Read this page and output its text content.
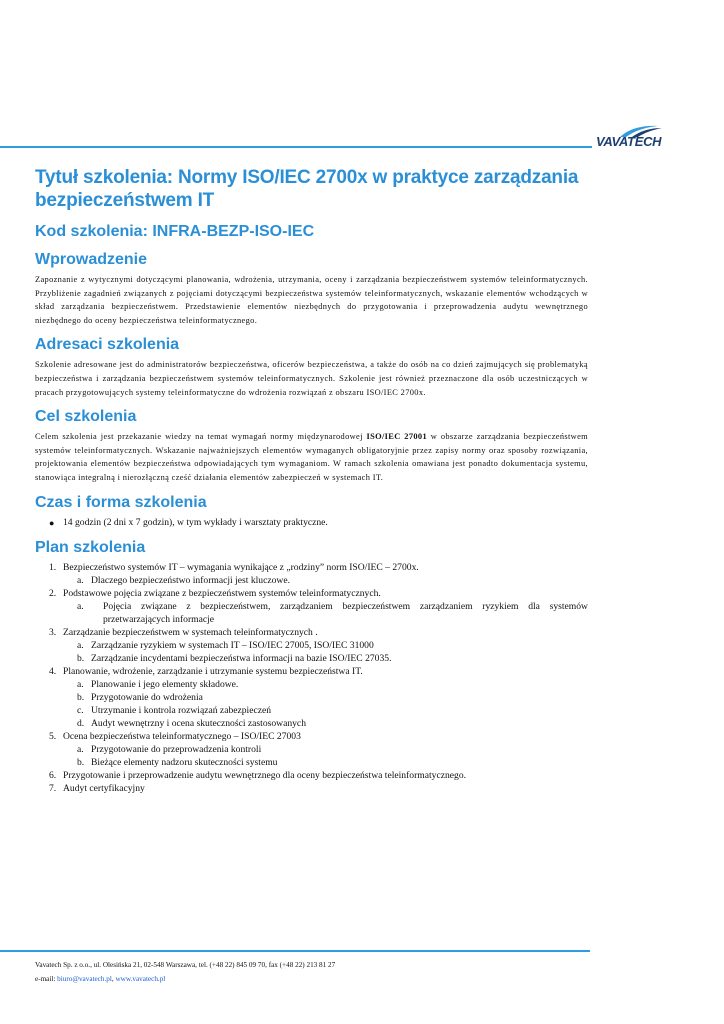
VAVATECH
Tytuł szkolenia: Normy ISO/IEC 2700x w praktyce zarządzania bezpieczeństwem IT
Kod szkolenia: INFRA-BEZP-ISO-IEC
Wprowadzenie

Zapoznanie z wytycznymi dotyczącymi planowania, wdrożenia, utrzymania, oceny i zarządzania bezpieczeństwem systemów teleinformatycznych. Przybliżenie zagadnień związanych z pojęciami dotyczącymi bezpieczeństwa systemów teleinformatycznych, wskazanie elementów wchodzących w skład zarządzania bezpieczeństwem. Przedstawienie elementów niezbędnych do przygotowania i przeprowadzenia audytu wewnętrznego niezbędnego do oceny bezpieczeństwa teleinformatycznego.

Adresaci szkolenia

Szkolenie adresowane jest do administratorów bezpieczeństwa, oficerów bezpieczeństwa, a także do osób na co dzień zajmujących się problematyką bezpieczeństwa i zarządzania bezpieczeństwem systemów teleinformatycznych. Szkolenie jest również przeznaczone dla osób uczestniczących w pracach przygotowujących systemy teleinformatyczne do wdrożenia rozwiązań z obszaru ISO/IEC 2700x.

Cel szkolenia

Celem szkolenia jest przekazanie wiedzy na temat wymagań normy międzynarodowej ISO/IEC 27001 w obszarze zarządzania bezpieczeństwem systemów teleinformatycznych. Wskazanie najważniejszych elementów wymaganych obligatoryjnie przez zapisy normy oraz sposoby rozwiązania, projektowania elementów bezpieczeństwa odpowiadających tym wymaganiom. W ramach szkolenia omawiana jest ponadto dokumentacja systemu, stanowiąca integralną i nierozłączną cześć działania elementów zabezpieczeń w systemach IT.

Czas i forma szkolenia
● 14 godzin (2 dni x 7 godzin), w tym wykłady i warsztaty praktyczne.
Plan szkolenia
1. Bezpieczeństwo systemów IT – wymagania wynikające z „rodziny” norm ISO/IEC – 2700x.
a. Dlaczego bezpieczeństwo informacji jest kluczowe.
2. Podstawowe pojęcia związane z bezpieczeństwem systemów teleinformatycznych.
a.	Pojęcia związane z bezpieczeństwem, zarządzaniem bezpieczeństwem zarządzaniem ryzykiem dla systemów przetwarzających informacje
3. Zarządzanie bezpieczeństwem w systemach teleinformatycznych .
a. Zarządzanie ryzykiem w systemach IT – ISO/IEC 27005, ISO/IEC 31000
b. Zarządzanie incydentami bezpieczeństwa informacji na bazie ISO/IEC 27035.
4. Planowanie, wdrożenie, zarządzanie i utrzymanie systemu bezpieczeństwa IT.
a. Planowanie i jego elementy składowe.
b. Przygotowanie do wdrożenia
c. Utrzymanie i kontrola rozwiązań zabezpieczeń
d. Audyt wewnętrzny i ocena skuteczności zastosowanych
5. Ocena bezpieczeństwa teleinformatycznego – ISO/IEC 27003
a. Przygotowanie do przeprowadzenia kontroli
b. Bieżące elementy nadzoru skuteczności systemu
6. Przygotowanie i przeprowadzenie audytu wewnętrznego dla oceny bezpieczeństwa teleinformatycznego.
7. Audyt certyfikacyjny
Vavatech Sp. z o.o., ul. Olesińska 21, 02-548 Warszawa, tel. (+48 22) 845 09 70, fax (+48 22) 213 81 27
e-mail: biuro@vavatech.pl, www.vavatech.pl
